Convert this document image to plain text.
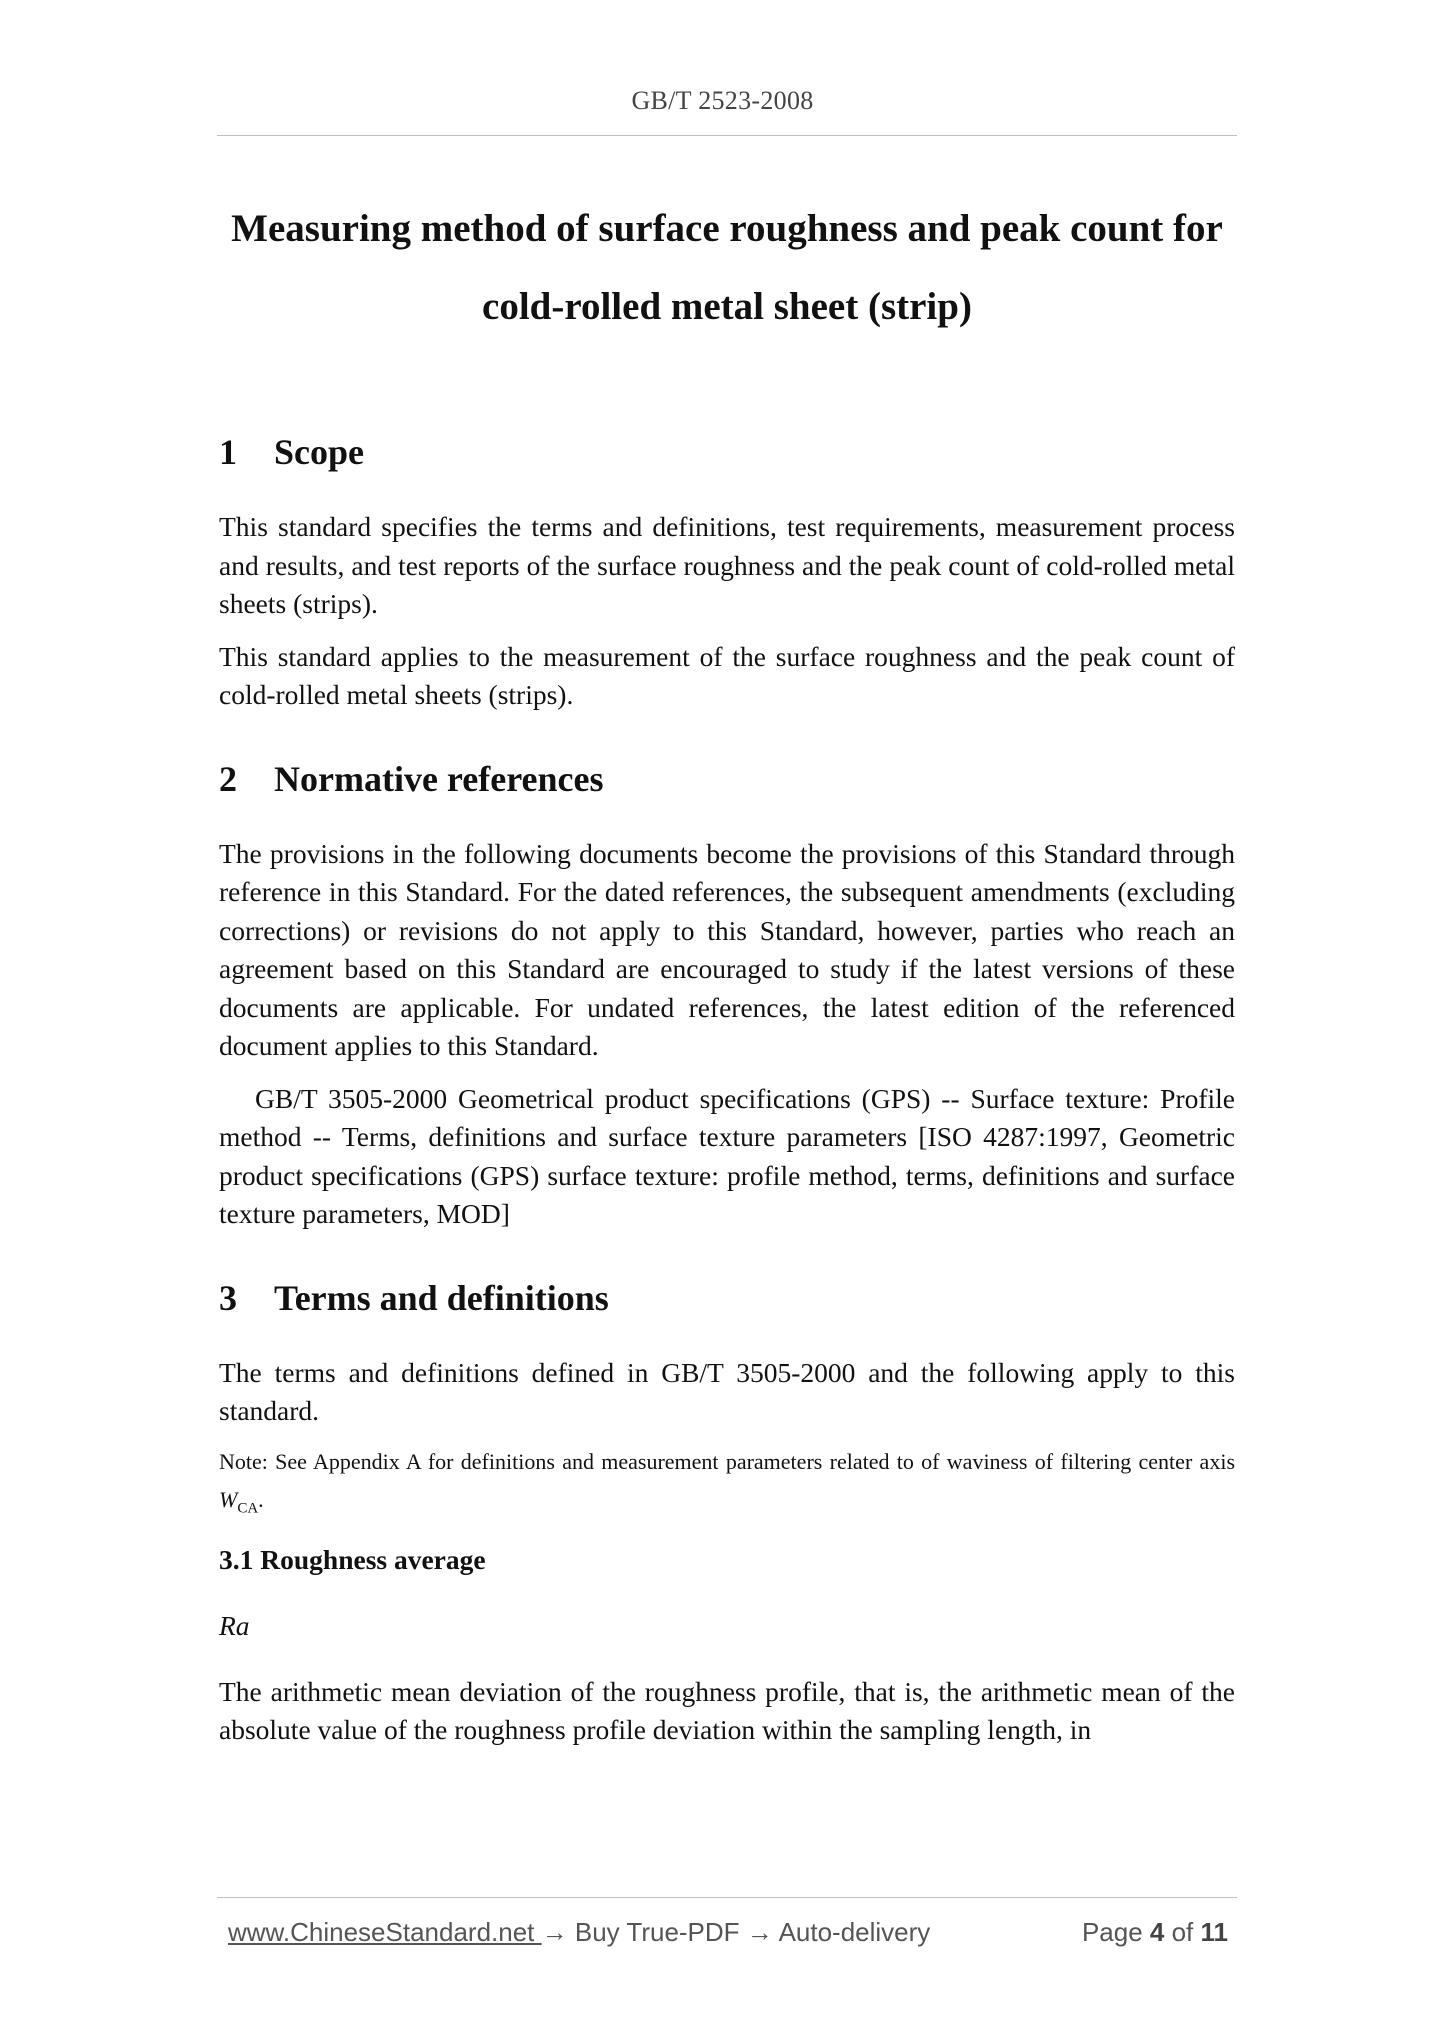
GB/T 2523-2008
Measuring method of surface roughness and peak count for
cold-rolled metal sheet (strip)
1 Scope

This standard specifies the terms and definitions, test requirements, measurement process and results, and test reports of the surface roughness and the peak count of cold-rolled metal sheets (strips).

This standard applies to the measurement of the surface roughness and the peak count of cold-rolled metal sheets (strips).

2 Normative references

The provisions in the following documents become the provisions of this Standard through reference in this Standard. For the dated references, the subsequent amendments (excluding corrections) or revisions do not apply to this Standard, however, parties who reach an agreement based on this Standard are encouraged to study if the latest versions of these documents are applicable. For undated references, the latest edition of the referenced document applies to this Standard.

GB/T 3505-2000 Geometrical product specifications (GPS) -- Surface texture: Profile method -- Terms, definitions and surface texture parameters [ISO 4287:1997, Geometric product specifications (GPS) surface texture: profile method, terms, definitions and surface texture parameters, MOD]

3 Terms and definitions

The terms and definitions defined in GB/T 3505-2000 and the following apply to this standard.

Note: See Appendix A for definitions and measurement parameters related to of waviness of filtering center axis $W_{CA}$.
3.1 Roughness average
Ra

The arithmetic mean deviation of the roughness profile, that is, the arithmetic mean of the absolute value of the roughness profile deviation within the sampling length, in

www.ChineseStandard.net → Buy True-PDF → Auto-delivery	Page 4 of 11
